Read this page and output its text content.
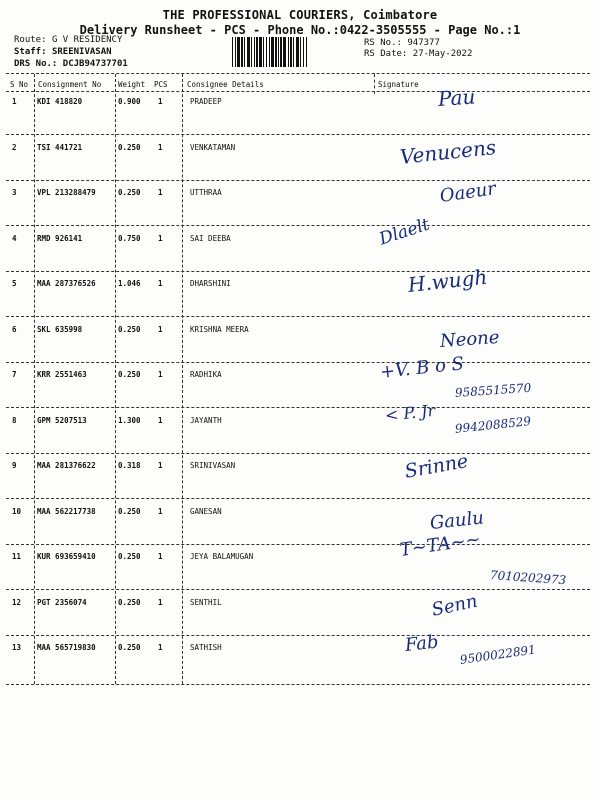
THE PROFESSIONAL COURIERS, Coimbatore
Delivery Runsheet - PCS - Phone No.:0422-3505555 - Page No.:1
Route: G V RESIDENCY
Staff: SREENIVASAN
DRS No.: DCJB94737701
RS No.: 947377
RS Date: 27-May-2022
S No Consignment No Weight PCS	Consignee Details	Signature
1	KDI 418820	0.900 1	PRADEEP	Pau
2	TSI 441721	0.250 1	VENKATAMAN	Venucens
3	VPL 213288479	0.250 1	UTTHRAA	Oaeur
4	RMD 926141	0.750 1	SAI DEEBA	Dlaelt
5	MAA 287376526	1.046 1	DHARSHINI	H.wugh
6	SKL 635998	0.250 1	KRISHNA MEERA	Neone
7	KRR 2551463	0.250 1	RADHIKA	+V. B o S
9585515570
8	GPM 5207513	1.300 1	JAYANTH	< P. Jr
9942088529
9	MAA 281376622	0.318 1	SRINIVASAN	Srinne
10 MAA 562217738	0.250 1	GANESAN	Gaulu
11 KUR 693659410	0.250 1	JEYA BALAMUGAN	T~TA~~
7010202973
12 PGT 2356074	0.250 1	SENTHIL	Senn
13 MAA 565719830	0.250 1	SATHISH	Fab 9500022891
